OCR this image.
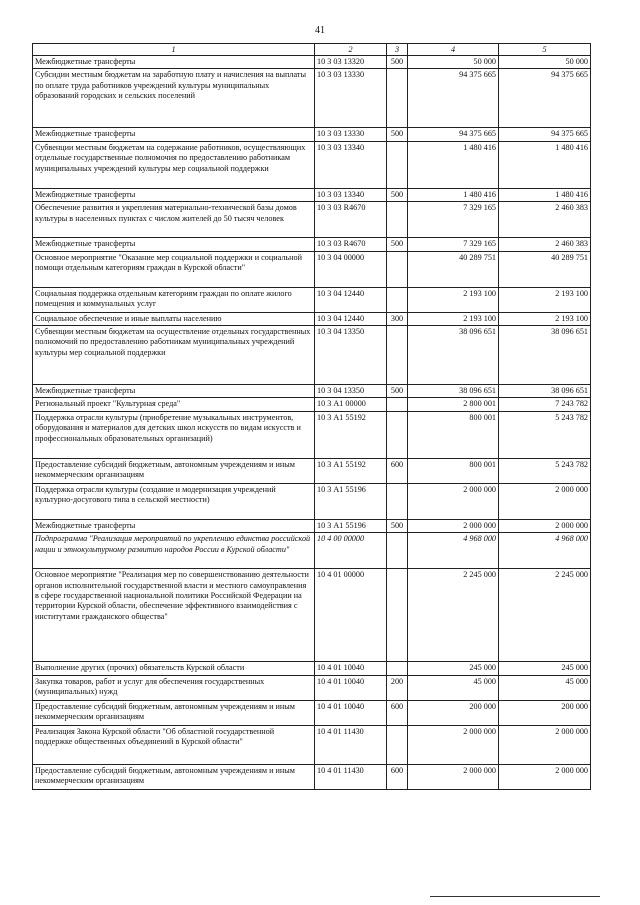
41
1	2	3	4	5
Межбюджетные трансферты	10 3 03 13320	500	50 000	50 000
Субсидии местным бюджетам на заработную плату и начисления на выплаты по оплате труда работников учреждений культуры муниципальных образований городских и сельских поселений	10 3 03 13330		94 375 665	94 375 665
Межбюджетные трансферты	10 3 03 13330	500	94 375 665	94 375 665
Субвенции местным бюджетам на содержание работников, осуществляющих отдельные государственные полномочия по предоставлению работникам муниципальных учреждений культуры мер социальной поддержки	10 3 03 13340		1 480 416	1 480 416
Межбюджетные трансферты	10 3 03 13340	500	1 480 416	1 480 416
Обеспечение развития и укрепления материально-технической базы домов культуры в населенных пунктах с числом жителей до 50 тысяч человек	10 3 03 R4670		7 329 165	2 460 383
Межбюджетные трансферты	10 3 03 R4670	500	7 329 165	2 460 383
Основное мероприятие "Оказание мер социальной поддержки и социальной помощи отдельным категориям граждан в Курской области"	10 3 04 00000		40 289 751	40 289 751
Социальная поддержка отдельным категориям граждан по оплате жилого помещения и коммунальных услуг	10 3 04 12440		2 193 100	2 193 100
Социальное обеспечение и иные выплаты населению	10 3 04 12440	300	2 193 100	2 193 100
Субвенции местным бюджетам на осуществление отдельных государственных полномочий по предоставлению работникам муниципальных учреждений культуры мер социальной поддержки	10 3 04 13350		38 096 651	38 096 651
Межбюджетные трансферты	10 3 04 13350	500	38 096 651	38 096 651
Региональный проект "Культурная среда"	10 3 А1 00000		2 800 001	7 243 782
Поддержка отрасли культуры (приобретение музыкальных инструментов, оборудования и материалов для детских школ искусств по видам искусств и профессиональных образовательных организаций)	10 3 А1 55192		800 001	5 243 782
Предоставление субсидий бюджетным, автономным учреждениям и иным некоммерческим организациям	10 3 А1 55192	600	800 001	5 243 782
Поддержка отрасли культуры (создание и модернизация учреждений культурно-досугового типа в сельской местности)	10 3 А1 55196		2 000 000	2 000 000
Межбюджетные трансферты	10 3 А1 55196	500	2 000 000	2 000 000
Подпрограмма "Реализация мероприятий по укреплению единства российской нации и этнокультурному развитию народов России в Курской области"	10 4 00 00000		4 968 000	4 968 000
Основное мероприятие "Реализация мер по совершенствованию деятельности органов исполнительной государственной власти и местного самоуправления в сфере государственной национальной политики Российской Федерации на территории Курской области, обеспечение эффективного взаимодействия с институтами гражданского общества"	10 4 01 00000		2 245 000	2 245 000
Выполнение других (прочих) обязательств Курской области	10 4 01 10040		245 000	245 000
Закупка товаров, работ и услуг для обеспечения государственных (муниципальных) нужд	10 4 01 10040	200	45 000	45 000
Предоставление субсидий бюджетным, автономным учреждениям и иным некоммерческим организациям	10 4 01 10040	600	200 000	200 000
Реализация Закона Курской области "Об областной государственной поддержке общественных объединений в Курской области"	10 4 01 11430		2 000 000	2 000 000
Предоставление субсидий бюджетным, автономным учреждениям и иным некоммерческим организациям	10 4 01 11430	600	2 000 000	2 000 000
